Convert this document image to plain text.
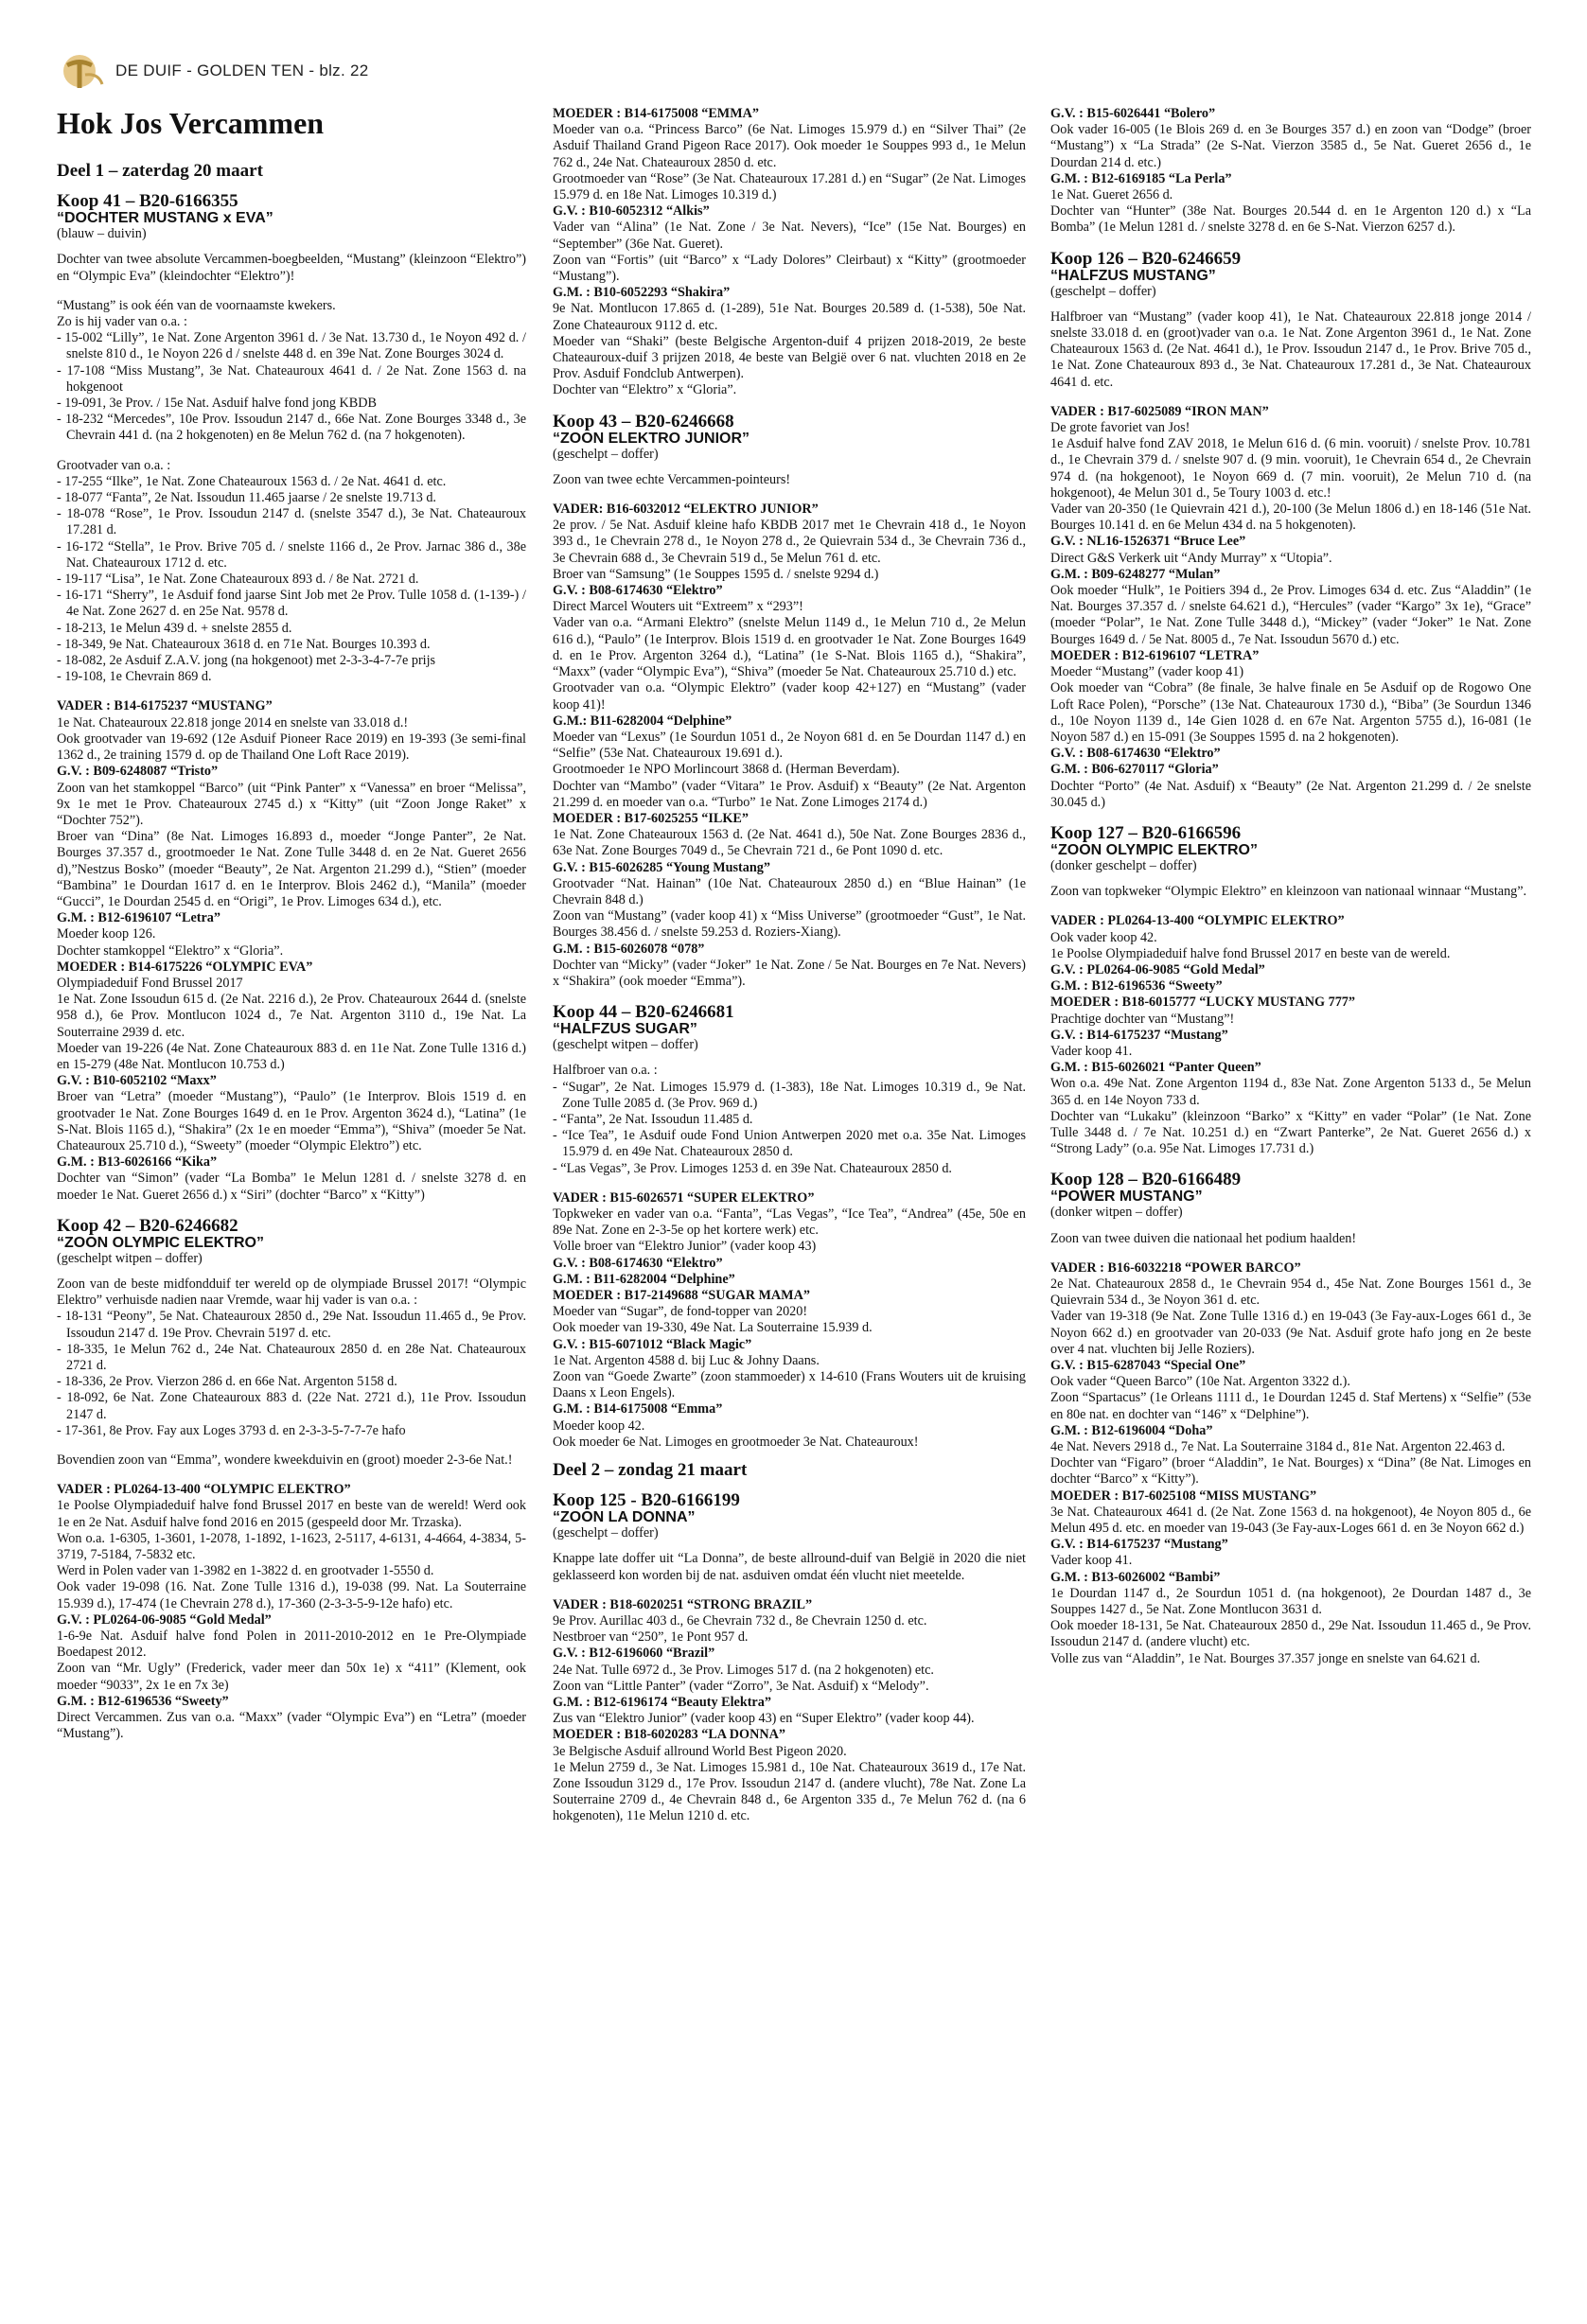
DE DUIF - GOLDEN TEN - blz. 22
Hok Jos Vercammen
Deel 1 – zaterdag 20 maart
Koop 41 – B20-6166355
“DOCHTER MUSTANG x EVA”
(blauw – duivin)

Dochter van twee absolute Vercammen-boegbeelden, “Mustang” (kleinzoon “Elektro”) en “Olympic Eva” (kleindochter “Elektro”)!

“Mustang” is ook één van de voornaamste kwekers.

Zo is hij vader van o.a. :

- 15-002 “Lilly”, 1e Nat. Zone Argenton 3961 d. / 3e Nat. 13.730 d., 1e Noyon 492 d. / snelste 810 d., 1e Noyon 226 d / snelste 448 d. en 39e Nat. Zone Bourges 3024 d.

- 17-108 “Miss Mustang”, 3e Nat. Chateauroux 4641 d. / 2e Nat. Zone 1563 d. na hokgenoot

- 19-091, 3e Prov. / 15e Nat. Asduif halve fond jong KBDB

- 18-232 “Mercedes”, 10e Prov. Issoudun 2147 d., 66e Nat. Zone Bourges 3348 d., 3e Chevrain 441 d. (na 2 hokgenoten) en 8e Melun 762 d. (na 7 hokgenoten).

Grootvader van o.a. :

- 17-255 “Ilke”, 1e Nat. Zone Chateauroux 1563 d. / 2e Nat. 4641 d. etc.

- 18-077 “Fanta”, 2e Nat. Issoudun 11.465 jaarse / 2e snelste 19.713 d.

- 18-078 “Rose”, 1e Prov. Issoudun 2147 d. (snelste 3547 d.), 3e Nat. Chateauroux 17.281 d.

- 16-172 “Stella”, 1e Prov. Brive 705 d. / snelste 1166 d., 2e Prov. Jarnac 386 d., 38e Nat. Chateauroux 1712 d. etc.

- 19-117 “Lisa”, 1e Nat. Zone Chateauroux 893 d. / 8e Nat. 2721 d.

- 16-171 “Sherry”, 1e Asduif fond jaarse Sint Job met 2e Prov. Tulle 1058 d. (1-139-) / 4e Nat. Zone 2627 d. en 25e Nat. 9578 d.

- 18-213, 1e Melun 439 d. + snelste 2855 d.

- 18-349, 9e Nat. Chateauroux 3618 d. en 71e Nat. Bourges 10.393 d.

- 18-082, 2e Asduif Z.A.V. jong (na hokgenoot) met 2-3-3-4-7-7e prijs

- 19-108, 1e Chevrain 869 d.

VADER : B14-6175237 “MUSTANG”

1e Nat. Chateauroux 22.818 jonge 2014 en snelste van 33.018 d.!

Ook grootvader van 19-692 (12e Asduif Pioneer Race 2019) en 19-393 (3e semi-final 1362 d., 2e training 1579 d. op de Thailand One Loft Race 2019).

G.V. : B09-6248087 “Tristo”

Zoon van het stamkoppel “Barco” (uit “Pink Panter” x “Vanessa” en broer “Melissa”, 9x 1e met 1e Prov. Chateauroux 2745 d.) x “Kitty” (uit “Zoon Jonge Raket” x “Dochter 752”).

Broer van “Dina” (8e Nat. Limoges 16.893 d., moeder “Jonge Panter”, 2e Nat. Bourges 37.357 d., grootmoeder 1e Nat. Zone Tulle 3448 d. en 2e Nat. Gueret 2656 d),”Nestzus Bosko” (moeder “Beauty”, 2e Nat. Argenton 21.299 d.), “Stien” (moeder “Bambina” 1e Dourdan 1617 d. en 1e Interprov. Blois 2462 d.), “Manila” (moeder “Gucci”, 1e Dourdan 2545 d. en “Origi”, 1e Prov. Limoges 634 d.), etc.

G.M. : B12-6196107 “Letra”

Moeder koop 126.

Dochter stamkoppel “Elektro” x “Gloria”.

MOEDER : B14-6175226 “OLYMPIC EVA”

Olympiadeduif Fond Brussel 2017

1e Nat. Zone Issoudun 615 d. (2e Nat. 2216 d.), 2e Prov. Chateauroux 2644 d. (snelste 958 d.), 6e Prov. Montlucon 1024 d., 7e Nat. Argenton 3110 d., 19e Nat. La Souterraine 2939 d. etc.

Moeder van 19-226 (4e Nat. Zone Chateauroux 883 d. en 11e Nat. Zone Tulle 1316 d.) en 15-279 (48e Nat. Montlucon 10.753 d.)

G.V. : B10-6052102 “Maxx”

Broer van “Letra” (moeder “Mustang”), “Paulo” (1e Interprov. Blois 1519 d. en grootvader 1e Nat. Zone Bourges 1649 d. en 1e Prov. Argenton 3624 d.), “Latina” (1e S-Nat. Blois 1165 d.), “Shakira” (2x 1e en moeder “Emma”), “Shiva” (moeder 5e Nat. Chateauroux 25.710 d.), “Sweety” (moeder “Olympic Elektro”) etc.

G.M. : B13-6026166 “Kika”

Dochter van “Simon” (vader “La Bomba” 1e Melun 1281 d. / snelste 3278 d. en moeder 1e Nat. Gueret 2656 d.) x “Siri” (dochter “Barco” x “Kitty”)

Koop 42 – B20-6246682
“ZOON OLYMPIC ELEKTRO”
(geschelpt witpen – doffer)

Zoon van de beste midfondduif ter wereld op de olympiade Brussel 2017! “Olympic Elektro” verhuisde nadien naar Vremde, waar hij vader is van o.a. :

- 18-131 “Peony”, 5e Nat. Chateauroux 2850 d., 29e Nat. Issoudun 11.465 d., 9e Prov. Issoudun 2147 d. 19e Prov. Chevrain 5197 d. etc.

- 18-335, 1e Melun 762 d., 24e Nat. Chateauroux 2850 d. en 28e Nat. Chateauroux 2721 d.

- 18-336, 2e Prov. Vierzon 286 d. en 66e Nat. Argenton 5158 d.

- 18-092, 6e Nat. Zone Chateauroux 883 d. (22e Nat. 2721 d.), 11e Prov. Issoudun 2147 d.

- 17-361, 8e Prov. Fay aux Loges 3793 d. en 2-3-3-5-7-7-7e hafo

Bovendien zoon van “Emma”, wondere kweekduivin en (groot) moeder 2-3-6e Nat.!

VADER : PL0264-13-400 “OLYMPIC ELEKTRO”

1e Poolse Olympiadeduif halve fond Brussel 2017 en beste van de wereld! Werd ook 1e en 2e Nat. Asduif halve fond 2016 en 2015 (gespeeld door Mr. Trzaska).

Won o.a. 1-6305, 1-3601, 1-2078, 1-1892, 1-1623, 2-5117, 4-6131, 4-4664, 4-3834, 5-3719, 7-5184, 7-5832 etc.

Werd in Polen vader van 1-3982 en 1-3822 d. en grootvader 1-5550 d.

Ook vader 19-098 (16. Nat. Zone Tulle 1316 d.), 19-038 (99. Nat. La Souterraine 15.939 d.), 17-474 (1e Chevrain 278 d.), 17-360 (2-3-3-5-9-12e hafo) etc.

G.V. : PL0264-06-9085 “Gold Medal”

1-6-9e Nat. Asduif halve fond Polen in 2011-2010-2012 en 1e Pre-Olympiade Boedapest 2012.

Zoon van “Mr. Ugly” (Frederick, vader meer dan 50x 1e) x “411” (Klement, ook moeder “9033”, 2x 1e en 7x 3e)

G.M. : B12-6196536 “Sweety”

Direct Vercammen. Zus van o.a. “Maxx” (vader “Olympic Eva”) en “Letra” (moeder “Mustang”).

MOEDER : B14-6175008 “EMMA”

Moeder van o.a. “Princess Barco” (6e Nat. Limoges 15.979 d.) en “Silver Thai” (2e Asduif Thailand Grand Pigeon Race 2017). Ook moeder 1e Souppes 993 d., 1e Melun 762 d., 24e Nat. Chateauroux 2850 d. etc.

Grootmoeder van “Rose” (3e Nat. Chateauroux 17.281 d.) en “Sugar” (2e Nat. Limoges 15.979 d. en 18e Nat. Limoges 10.319 d.)

G.V. : B10-6052312 “Alkis”

Vader van “Alina” (1e Nat. Zone / 3e Nat. Nevers), “Ice” (15e Nat. Bourges) en “September” (36e Nat. Gueret).

Zoon van “Fortis” (uit “Barco” x “Lady Dolores” Cleirbaut) x “Kitty” (grootmoeder “Mustang”).

G.M. : B10-6052293 “Shakira”

9e Nat. Montlucon 17.865 d. (1-289), 51e Nat. Bourges 20.589 d. (1-538), 50e Nat. Zone Chateauroux 9112 d. etc.

Moeder van “Shaki” (beste Belgische Argenton-duif 4 prijzen 2018-2019, 2e beste Chateauroux-duif 3 prijzen 2018, 4e beste van België over 6 nat. vluchten 2018 en 2e Prov. Asduif Fondclub Antwerpen).

Dochter van “Elektro” x “Gloria”.

Koop 43 – B20-6246668
“ZOON ELEKTRO JUNIOR”
(geschelpt – doffer)

Zoon van twee echte Vercammen-pointeurs!

VADER: B16-6032012 “ELEKTRO JUNIOR”

2e prov. / 5e Nat. Asduif kleine hafo KBDB 2017 met 1e Chevrain 418 d., 1e Noyon 393 d., 1e Chevrain 278 d., 1e Noyon 278 d., 2e Quievrain 534 d., 3e Chevrain 736 d., 3e Chevrain 688 d., 3e Chevrain 519 d., 5e Melun 761 d. etc.

Broer van “Samsung” (1e Souppes 1595 d. / snelste 9294 d.)

G.V. : B08-6174630 “Elektro”

Direct Marcel Wouters uit “Extreem” x “293”!

Vader van o.a. “Armani Elektro” (snelste Melun 1149 d., 1e Melun 710 d., 2e Melun 616 d.), “Paulo” (1e Interprov. Blois 1519 d. en grootvader 1e Nat. Zone Bourges 1649 d. en 1e Prov. Argenton 3264 d.), “Latina” (1e S-Nat. Blois 1165 d.), “Shakira”, “Maxx” (vader “Olympic Eva”), “Shiva” (moeder 5e Nat. Chateauroux 25.710 d.) etc.

Grootvader van o.a. “Olympic Elektro” (vader koop 42+127) en “Mustang” (vader koop 41)!

G.M.: B11-6282004 “Delphine”

Moeder van “Lexus” (1e Sourdun 1051 d., 2e Noyon 681 d. en 5e Dourdan 1147 d.) en “Selfie” (53e Nat. Chateauroux 19.691 d.).

Grootmoeder 1e NPO Morlincourt 3868 d. (Herman Beverdam).

Dochter van “Mambo” (vader “Vitara” 1e Prov. Asduif) x “Beauty” (2e Nat. Argenton 21.299 d. en moeder van o.a. “Turbo” 1e Nat. Zone Limoges 2174 d.)

MOEDER : B17-6025255 “ILKE”

1e Nat. Zone Chateauroux 1563 d. (2e Nat. 4641 d.), 50e Nat. Zone Bourges 2836 d., 63e Nat. Zone Bourges 7049 d., 5e Chevrain 721 d., 6e Pont 1090 d. etc.

G.V. : B15-6026285 “Young Mustang”

Grootvader “Nat. Hainan” (10e Nat. Chateauroux 2850 d.) en “Blue Hainan” (1e Chevrain 848 d.)

Zoon van “Mustang” (vader koop 41) x “Miss Universe” (grootmoeder “Gust”, 1e Nat. Bourges 38.456 d. / snelste 59.253 d. Roziers-Xiang).

G.M. : B15-6026078 “078”

Dochter van “Micky” (vader “Joker” 1e Nat. Zone / 5e Nat. Bourges en 7e Nat. Nevers) x “Shakira” (ook moeder “Emma”).

Koop 44 – B20-6246681
“HALFZUS SUGAR”
(geschelpt witpen – doffer)

Halfbroer van o.a. :

- “Sugar”, 2e Nat. Limoges 15.979 d. (1-383), 18e Nat. Limoges 10.319 d., 9e Nat. Zone Tulle 2085 d. (3e Prov. 969 d.)

- “Fanta”, 2e Nat. Issoudun 11.485 d.

- “Ice Tea”, 1e Asduif oude Fond Union Antwerpen 2020 met o.a. 35e Nat. Limoges 15.979 d. en 49e Nat. Chateauroux 2850 d.

- “Las Vegas”, 3e Prov. Limoges 1253 d. en 39e Nat. Chateauroux 2850 d.

VADER : B15-6026571 “SUPER ELEKTRO”

Topkweker en vader van o.a. “Fanta”, “Las Vegas”, “Ice Tea”, “Andrea” (45e, 50e en 89e Nat. Zone en 2-3-5e op het kortere werk) etc.

Volle broer van “Elektro Junior” (vader koop 43)

G.V. : B08-6174630 “Elektro”

G.M. : B11-6282004 “Delphine”

MOEDER : B17-2149688 “SUGAR MAMA”

Moeder van “Sugar”, de fond-topper van 2020!

Ook moeder van 19-330, 49e Nat. La Souterraine 15.939 d.

G.V. : B15-6071012 “Black Magic”

1e Nat. Argenton 4588 d. bij Luc & Johny Daans.

Zoon van “Goede Zwarte” (zoon stammoeder) x 14-610 (Frans Wouters uit de kruising Daans x Leon Engels).

G.M. : B14-6175008 “Emma”

Moeder koop 42.

Ook moeder 6e Nat. Limoges en grootmoeder 3e Nat. Chateauroux!

Deel 2 – zondag 21 maart
Koop 125 - B20-6166199
“ZOON LA DONNA”
(geschelpt – doffer)

Knappe late doffer uit “La Donna”, de beste allround-duif van België in 2020 die niet geklasseerd kon worden bij de nat. asduiven omdat één vlucht niet meetelde.

VADER : B18-6020251 “STRONG BRAZIL”

9e Prov. Aurillac 403 d., 6e Chevrain 732 d., 8e Chevrain 1250 d. etc.

Nestbroer van “250”, 1e Pont 957 d.

G.V. : B12-6196060 “Brazil”

24e Nat. Tulle 6972 d., 3e Prov. Limoges 517 d. (na 2 hokgenoten) etc.

Zoon van “Little Panter” (vader “Zorro”, 3e Nat. Asduif) x “Melody”.

G.M. : B12-6196174 “Beauty Elektra”

Zus van “Elektro Junior” (vader koop 43) en “Super Elektro” (vader koop 44).

MOEDER : B18-6020283 “LA DONNA”

3e Belgische Asduif allround World Best Pigeon 2020.

1e Melun 2759 d., 3e Nat. Limoges 15.981 d., 10e Nat. Chateauroux 3619 d., 17e Nat. Zone Issoudun 3129 d., 17e Prov. Issoudun 2147 d. (andere vlucht), 78e Nat. Zone La Souterraine 2709 d., 4e Chevrain 848 d., 6e Argenton 335 d., 7e Melun 762 d. (na 6 hokgenoten), 11e Melun 1210 d. etc.

G.V. : B15-6026441 “Bolero”

Ook vader 16-005 (1e Blois 269 d. en 3e Bourges 357 d.) en zoon van “Dodge” (broer “Mustang”) x “La Strada” (2e S-Nat. Vierzon 3585 d., 5e Nat. Gueret 2656 d., 1e Dourdan 214 d. etc.)

G.M. : B12-6169185 “La Perla”

1e Nat. Gueret 2656 d.

Dochter van “Hunter” (38e Nat. Bourges 20.544 d. en 1e Argenton 120 d.) x “La Bomba” (1e Melun 1281 d. / snelste 3278 d. en 6e S-Nat. Vierzon 6257 d.).

Koop 126 – B20-6246659
“HALFZUS MUSTANG”
(geschelpt – doffer)

Halfbroer van “Mustang” (vader koop 41), 1e Nat. Chateauroux 22.818 jonge 2014 / snelste 33.018 d. en (groot)vader van o.a. 1e Nat. Zone Argenton 3961 d., 1e Nat. Zone Chateauroux 1563 d. (2e Nat. 4641 d.), 1e Prov. Issoudun 2147 d., 1e Prov. Brive 705 d., 1e Nat. Zone Chateauroux 893 d., 3e Nat. Chateauroux 17.281 d., 3e Nat. Chateauroux 4641 d. etc.

VADER : B17-6025089 “IRON MAN”

De grote favoriet van Jos!

1e Asduif halve fond ZAV 2018, 1e Melun 616 d. (6 min. vooruit) / snelste Prov. 10.781 d., 1e Chevrain 379 d. / snelste 907 d. (9 min. vooruit), 1e Chevrain 654 d., 2e Chevrain 974 d. (na hokgenoot), 1e Noyon 669 d. (7 min. vooruit), 2e Melun 710 d. (na hokgenoot), 4e Melun 301 d., 5e Toury 1003 d. etc.!

Vader van 20-350 (1e Quievrain 421 d.), 20-100 (3e Melun 1806 d.) en 18-146 (51e Nat. Bourges 10.141 d. en 6e Melun 434 d. na 5 hokgenoten).

G.V. : NL16-1526371 “Bruce Lee”

Direct G&S Verkerk uit “Andy Murray” x “Utopia”.

G.M. : B09-6248277 “Mulan”

Ook moeder “Hulk”, 1e Poitiers 394 d., 2e Prov. Limoges 634 d. etc. Zus “Aladdin” (1e Nat. Bourges 37.357 d. / snelste 64.621 d.), “Hercules” (vader “Kargo” 3x 1e), “Grace” (moeder “Polar”, 1e Nat. Zone Tulle 3448 d.), “Mickey” (vader “Joker” 1e Nat. Zone Bourges 1649 d. / 5e Nat. 8005 d., 7e Nat. Issoudun 5670 d.) etc.

MOEDER : B12-6196107 “LETRA”

Moeder “Mustang” (vader koop 41)

Ook moeder van “Cobra” (8e finale, 3e halve finale en 5e Asduif op de Rogowo One Loft Race Polen), “Porsche” (13e Nat. Chateauroux 1730 d.), “Biba” (3e Sourdun 1346 d., 10e Noyon 1139 d., 14e Gien 1028 d. en 67e Nat. Argenton 5755 d.), 16-081 (1e Noyon 587 d.) en 15-091 (3e Souppes 1595 d. na 2 hokgenoten).

G.V. : B08-6174630 “Elektro”

G.M. : B06-6270117 “Gloria”

Dochter “Porto” (4e Nat. Asduif) x “Beauty” (2e Nat. Argenton 21.299 d. / 2e snelste 30.045 d.)

Koop 127 – B20-6166596
“ZOON OLYMPIC ELEKTRO”
(donker geschelpt – doffer)

Zoon van topkweker “Olympic Elektro” en kleinzoon van nationaal winnaar “Mustang”.

VADER : PL0264-13-400 “OLYMPIC ELEKTRO”

Ook vader koop 42.

1e Poolse Olympiadeduif halve fond Brussel 2017 en beste van de wereld.

G.V. : PL0264-06-9085 “Gold Medal”

G.M. : B12-6196536 “Sweety”

MOEDER : B18-6015777 “LUCKY MUSTANG 777”

Prachtige dochter van “Mustang”!

G.V. : B14-6175237 “Mustang”

Vader koop 41.

G.M. : B15-6026021 “Panter Queen”

Won o.a. 49e Nat. Zone Argenton 1194 d., 83e Nat. Zone Argenton 5133 d., 5e Melun 365 d. en 14e Noyon 733 d.

Dochter van “Lukaku” (kleinzoon “Barko” x “Kitty” en vader “Polar” (1e Nat. Zone Tulle 3448 d. / 7e Nat. 10.251 d.) en “Zwart Panterke”, 2e Nat. Gueret 2656 d.) x “Strong Lady” (o.a. 95e Nat. Limoges 17.731 d.)

Koop 128 – B20-6166489
“POWER MUSTANG”
(donker witpen – doffer)

Zoon van twee duiven die nationaal het podium haalden!

VADER : B16-6032218 “POWER BARCO”

2e Nat. Chateauroux 2858 d., 1e Chevrain 954 d., 45e Nat. Zone Bourges 1561 d., 3e Quievrain 534 d., 3e Noyon 361 d. etc.

Vader van 19-318 (9e Nat. Zone Tulle 1316 d.) en 19-043 (3e Fay-aux-Loges 661 d., 3e Noyon 662 d.) en grootvader van 20-033 (9e Nat. Asduif grote hafo jong en 2e beste over 4 nat. vluchten bij Jelle Roziers).

G.V. : B15-6287043 “Special One”

Ook vader “Queen Barco” (10e Nat. Argenton 3322 d.).

Zoon “Spartacus” (1e Orleans 1111 d., 1e Dourdan 1245 d. Staf Mertens) x “Selfie” (53e en 80e nat. en dochter van “146” x “Delphine”).

G.M. : B12-6196004 “Doha”

4e Nat. Nevers 2918 d., 7e Nat. La Souterraine 3184 d., 81e Nat. Argenton 22.463 d.

Dochter van “Figaro” (broer “Aladdin”, 1e Nat. Bourges) x “Dina” (8e Nat. Limoges en dochter “Barco” x “Kitty”).

MOEDER : B17-6025108 “MISS MUSTANG”

3e Nat. Chateauroux 4641 d. (2e Nat. Zone 1563 d. na hokgenoot), 4e Noyon 805 d., 6e Melun 495 d. etc. en moeder van 19-043 (3e Fay-aux-Loges 661 d. en 3e Noyon 662 d.)

G.V. : B14-6175237 “Mustang”

Vader koop 41.

G.M. : B13-6026002 “Bambi”

1e Dourdan 1147 d., 2e Sourdun 1051 d. (na hokgenoot), 2e Dourdan 1487 d., 3e Souppes 1427 d., 5e Nat. Zone Montlucon 3631 d.

Ook moeder 18-131, 5e Nat. Chateauroux 2850 d., 29e Nat. Issoudun 11.465 d., 9e Prov. Issoudun 2147 d. (andere vlucht) etc.

Volle zus van “Aladdin”, 1e Nat. Bourges 37.357 jonge en snelste van 64.621 d.
